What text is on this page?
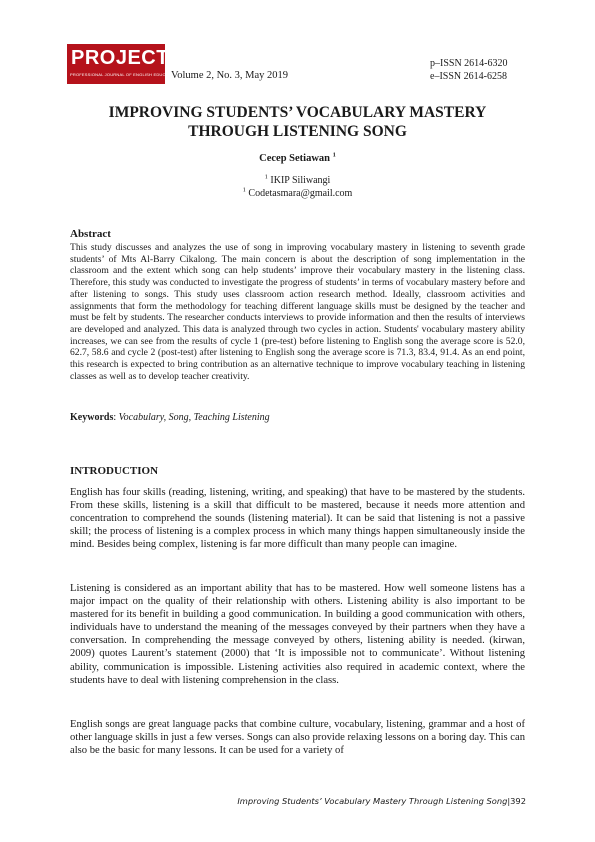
PROJECT
PROFESSIONAL JOURNAL OF ENGLISH EDUCATION
Volume 2, No. 3, May 2019
p–ISSN 2614-6320
e–ISSN 2614-6258
IMPROVING STUDENTS’ VOCABULARY MASTERY
THROUGH LISTENING SONG
Cecep Setiawan $^1$
$^1$ IKIP Siliwangi
$^1$ Codetasmara@gmail.com
Abstract
This study discusses and analyzes the use of song in improving vocabulary mastery in listening to seventh grade students’ of Mts Al-Barry Cikalong. The main concern is about the description of song implementation in the classroom and the extent which song can help students’ improve their vocabulary mastery in the listening class. Therefore, this study was conducted to investigate the progress of students’ in terms of vocabulary mastery before and after listening to songs. This study uses classroom action research method. Ideally, classroom activities and assignments that form the methodology for teaching different language skills must be designed by the teacher and must be felt by students. The researcher conducts interviews to provide information and then the results of interviews are developed and analyzed. This data is analyzed through two cycles in action. Students' vocabulary mastery ability increases, we can see from the results of cycle 1 (pre-test) before listening to English song the average score is 52.0, 62.7, 58.6 and cycle 2 (post-test) after listening to English song the average score is 71.3, 83.4, 91.4. As an end point, this research is expected to bring contribution as an alternative technique to improve vocabulary teaching in listening classes as well as to develop teacher creativity.
Keywords: Vocabulary, Song, Teaching Listening
INTRODUCTION
English has four skills (reading, listening, writing, and speaking) that have to be mastered by the students. From these skills, listening is a skill that difficult to be mastered, because it needs more attention and concentration to comprehend the sounds (listening material). It can be said that listening is not a passive skill; the process of listening is a complex process in which many things happen simultaneously inside the mind. Besides being complex, listening is far more difficult than many people can imagine.
Listening is considered as an important ability that has to be mastered. How well someone listens has a major impact on the quality of their relationship with others. Listening ability is also important to be mastered for its benefit in building a good communication. In building a good communication with others, individuals have to understand the meaning of the messages conveyed by their partners when they have a conversation. In comprehending the message conveyed by others, listening ability is needed. (kirwan, 2009) quotes Laurent’s statement (2000) that ‘It is impossible not to communicate’. Without listening ability, communication is impossible. Listening activities also required in academic context, where the students have to deal with listening comprehension in the class.
English songs are great language packs that combine culture, vocabulary, listening, grammar and a host of other language skills in just a few verses. Songs can also provide relaxing lessons on a boring day. This can also be the basic for many lessons. It can be used for a variety of
Improving Students’ Vocabulary Mastery Through Listening Song|392
